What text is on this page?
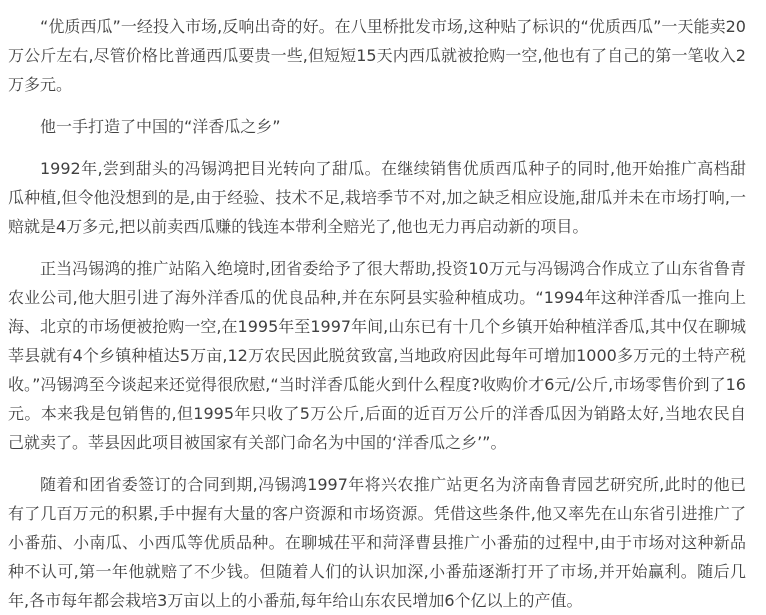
“优质西瓜”一经投入市场,反响出奇的好。在八里桥批发市场,这种贴了标识的“优质西瓜”一天能卖20万公斤左右,尽管价格比普通西瓜要贵一些,但短短15天内西瓜就被抢购一空,他也有了自己的第一笔收入2万多元。

他一手打造了中国的“洋香瓜之乡”

1992年,尝到甜头的冯锡鸿把目光转向了甜瓜。在继续销售优质西瓜种子的同时,他开始推广高档甜瓜种植,但令他没想到的是,由于经验、技术不足,栽培季节不对,加之缺乏相应设施,甜瓜并未在市场打响,一赔就是4万多元,把以前卖西瓜赚的钱连本带利全赔光了,他也无力再启动新的项目。

正当冯锡鸿的推广站陷入绝境时,团省委给予了很大帮助,投资10万元与冯锡鸿合作成立了山东省鲁青农业公司,他大胆引进了海外洋香瓜的优良品种,并在东阿县实验种植成功。“1994年这种洋香瓜一推向上海、北京的市场便被抢购一空,在1995年至1997年间,山东已有十几个乡镇开始种植洋香瓜,其中仅在聊城莘县就有4个乡镇种植达5万亩,12万农民因此脱贫致富,当地政府因此每年可增加1000多万元的土特产税收。”冯锡鸿至今谈起来还觉得很欣慰,“当时洋香瓜能火到什么程度?收购价才6元/公斤,市场零售价到了16元。本来我是包销售的,但1995年只收了5万公斤,后面的近百万公斤的洋香瓜因为销路太好,当地农民自己就卖了。莘县因此项目被国家有关部门命名为中国的‘洋香瓜之乡’”。

随着和团省委签订的合同到期,冯锡鸿1997年将兴农推广站更名为济南鲁青园艺研究所,此时的他已有了几百万元的积累,手中握有大量的客户资源和市场资源。凭借这些条件,他又率先在山东省引进推广了小番茄、小南瓜、小西瓜等优质品种。在聊城茌平和菏泽曹县推广小番茄的过程中,由于市场对这种新品种不认可,第一年他就赔了不少钱。但随着人们的认识加深,小番茄逐渐打开了市场,并开始赢利。随后几年,各市每年都会栽培3万亩以上的小番茄,每年给山东农民增加6个亿以上的产值。
